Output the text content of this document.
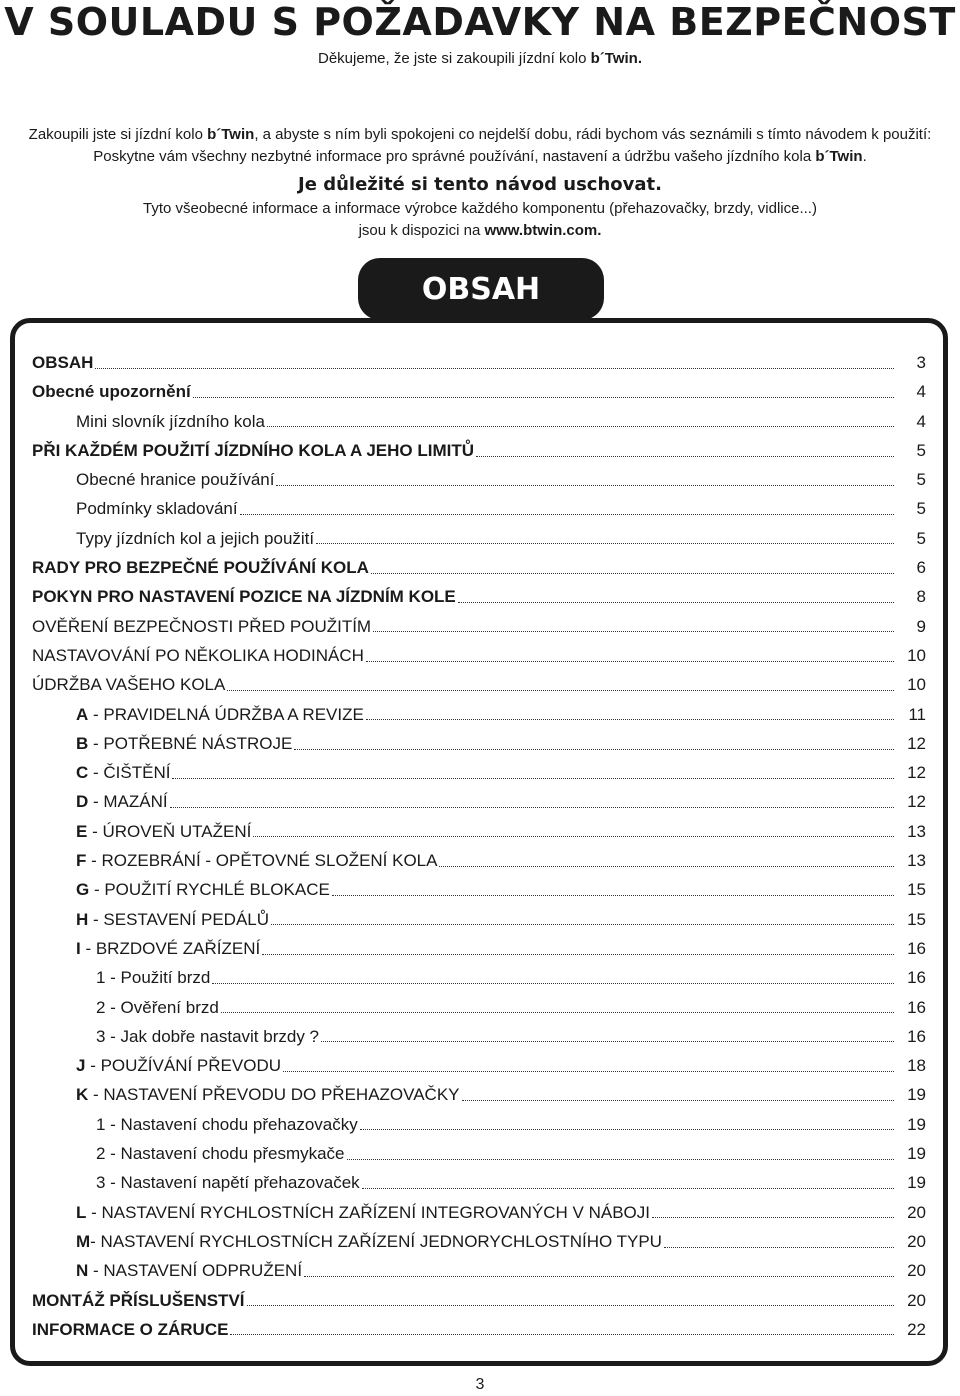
V SOULADU S POŽADAVKY NA BEZPEČNOST
Děkujeme, že jste si zakoupili jízdní kolo b´Twin.
Zakoupili jste si jízdní kolo b´Twin, a abyste s ním byli spokojeni co nejdelší dobu, rádi bychom vás seznámili s tímto návodem k použití:
Poskytne vám všechny nezbytné informace pro správné používání, nastavení a údržbu vašeho jízdního kola b´Twin.
Je důležité si tento návod uschovat.
Tyto všeobecné informace a informace výrobce každého komponentu (přehazovačky, brzdy, vidlice...)
jsou k dispozici na www.btwin.com.
OBSAH
OBSAH	3
Obecné upozornění	4
Mini slovník jízdního kola	4
PŘI KAŽDÉM POUŽITÍ JÍZDNÍHO KOLA A JEHO LIMITŮ	5
Obecné hranice používání	5
Podmínky skladování	5
Typy jízdních kol a jejich použití	5
RADY PRO BEZPEČNÉ POUŽÍVÁNÍ KOLA	6
POKYN PRO NASTAVENÍ POZICE NA JÍZDNÍM KOLE	8
OVĚŘENÍ BEZPEČNOSTI PŘED POUŽITÍM	9
NASTAVOVÁNÍ PO NĚKOLIKA HODINÁCH	10
ÚDRŽBA VAŠEHO KOLA	10
A - PRAVIDELNÁ ÚDRŽBA A REVIZE	11
B - POTŘEBNÉ NÁSTROJE	12
C - ČIŠTĚNÍ	12
D - MAZÁNÍ	12
E - ÚROVEŇ UTAŽENÍ	13
F - ROZEBRÁNÍ - OPĚTOVNÉ SLOŽENÍ KOLA	13
G - POUŽITÍ RYCHLÉ BLOKACE	15
H - SESTAVENÍ PEDÁLŮ	15
I - BRZDOVÉ ZAŘÍZENÍ	16
1 - Použití brzd	16
2 - Ověření brzd	16
3 - Jak dobře nastavit brzdy ?	16
J - POUŽÍVÁNÍ PŘEVODU	18
K - NASTAVENÍ PŘEVODU DO PŘEHAZOVAČKY	19
1 - Nastavení chodu přehazovačky	19
2 - Nastavení chodu přesmykače	19
3 - Nastavení napětí přehazovaček	19
L - NASTAVENÍ RYCHLOSTNÍCH ZAŘÍZENÍ INTEGROVANÝCH V NÁBOJI	20
M- NASTAVENÍ RYCHLOSTNÍCH ZAŘÍZENÍ JEDNORYCHLOSTNÍHO TYPU	20
N - NASTAVENÍ ODPRUŽENÍ	20
MONTÁŽ PŘÍSLUŠENSTVÍ	20
INFORMACE O ZÁRUCE	22
3
